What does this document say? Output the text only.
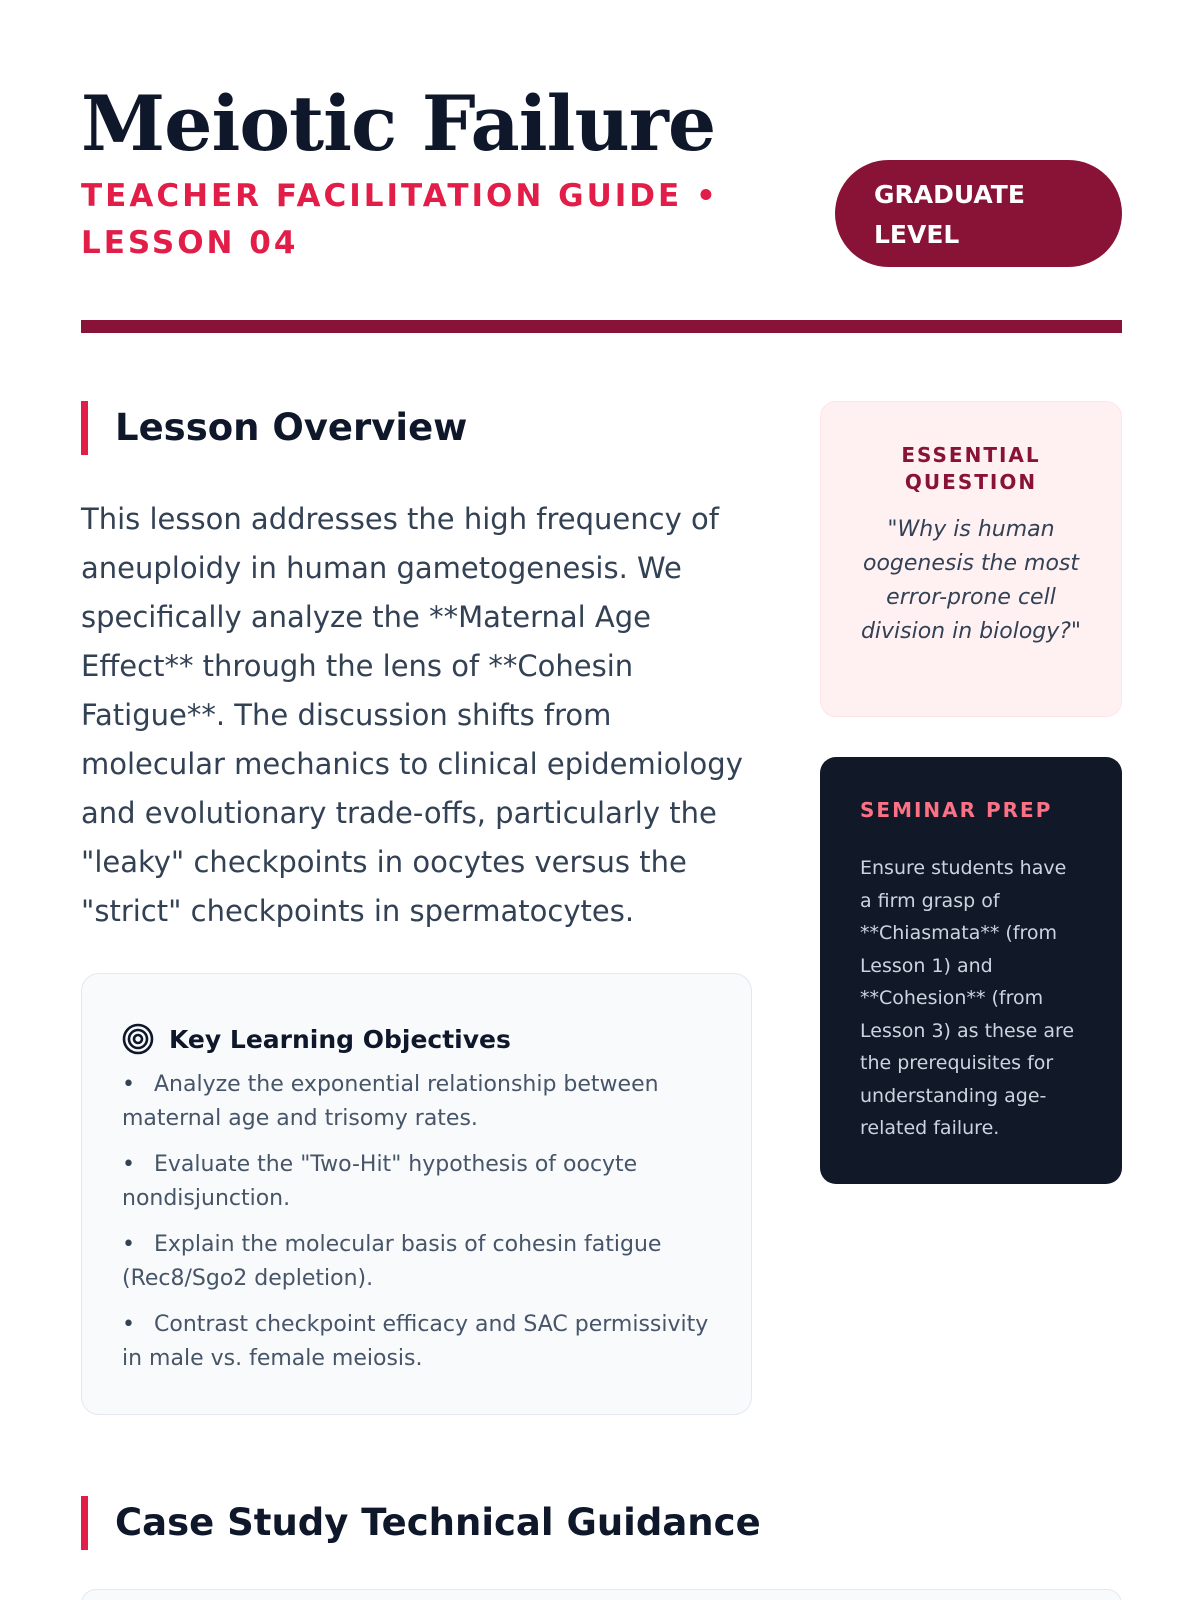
Meiotic Failure
TEACHER FACILITATION GUIDE • LESSON 04
GRADUATE LEVEL
Lesson Overview

This lesson addresses the high frequency of aneuploidy in human gametogenesis. We specifically analyze the **Maternal Age Effect** through the lens of **Cohesin Fatigue**. The discussion shifts from molecular mechanics to clinical epidemiology and evolutionary trade-offs, particularly the "leaky" checkpoints in oocytes versus the "strict" checkpoints in spermatocytes.

Key Learning Objectives
• Analyze the exponential relationship between maternal age and trisomy rates.
• Evaluate the "Two-Hit" hypothesis of oocyte nondisjunction.
• Explain the molecular basis of cohesin fatigue (Rec8/Sgo2 depletion).
• Contrast checkpoint efficacy and SAC permissivity in male vs. female meiosis.
ESSENTIAL QUESTION
"Why is human oogenesis the most error-prone cell division in biology?"
SEMINAR PREP
Ensure students have a firm grasp of **Chiasmata** (from Lesson 1) and **Cohesion** (from Lesson 3) as these are the prerequisites for understanding age-related failure.
Case Study Technical Guidance
